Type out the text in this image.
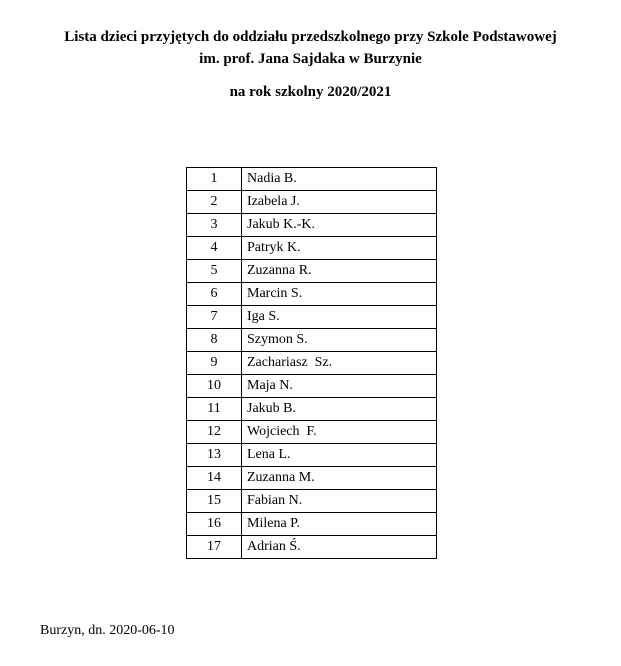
Lista dzieci przyjętych do oddziału przedszkolnego przy Szkole Podstawowej

im. prof. Jana Sajdaka w Burzynie

na rok szkolny 2020/2021

1	Nadia B.
2	Izabela J.
3	Jakub K.-K.
4	Patryk K.
5	Zuzanna R.
6	Marcin S.
7	Iga S.
8	Szymon S.
9	Zachariasz  Sz.
10	Maja N.
11	Jakub B.
12	Wojciech  F.
13	Lena L.
14	Zuzanna M.
15	Fabian N.
16	Milena P.
17	Adrian Ś.

Burzyn, dn. 2020-06-10
